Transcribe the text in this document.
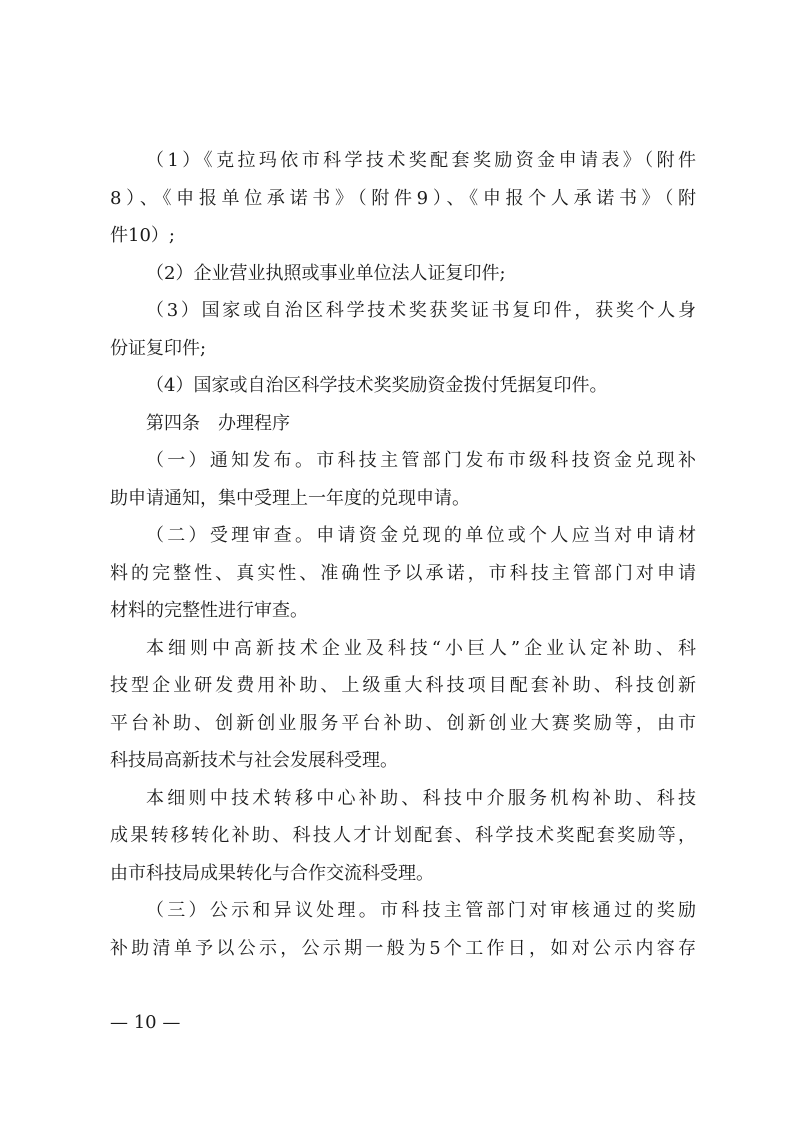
（1）《克拉玛依市科学技术奖配套奖励资金申请表》（附件
8）、《申报单位承诺书》（附件9）、《申报个人承诺书》（附
件10）;
（2）企业营业执照或事业单位法人证复印件;
（3）国家或自治区科学技术奖获奖证书复印件，获奖个人身
份证复印件;
（4）国家或自治区科学技术奖奖励资金拨付凭据复印件。
第四条　办理程序
（一）通知发布。市科技主管部门发布市级科技资金兑现补
助申请通知，集中受理上一年度的兑现申请。
（二）受理审查。申请资金兑现的单位或个人应当对申请材
料的完整性、真实性、准确性予以承诺，市科技主管部门对申请
材料的完整性进行审查。
本细则中高新技术企业及科技“小巨人”企业认定补助、科
技型企业研发费用补助、上级重大科技项目配套补助、科技创新
平台补助、创新创业服务平台补助、创新创业大赛奖励等，由市
科技局高新技术与社会发展科受理。
本细则中技术转移中心补助、科技中介服务机构补助、科技
成果转移转化补助、科技人才计划配套、科学技术奖配套奖励等，
由市科技局成果转化与合作交流科受理。
（三）公示和异议处理。市科技主管部门对审核通过的奖励
补助清单予以公示，公示期一般为5个工作日，如对公示内容存
— 10 —
